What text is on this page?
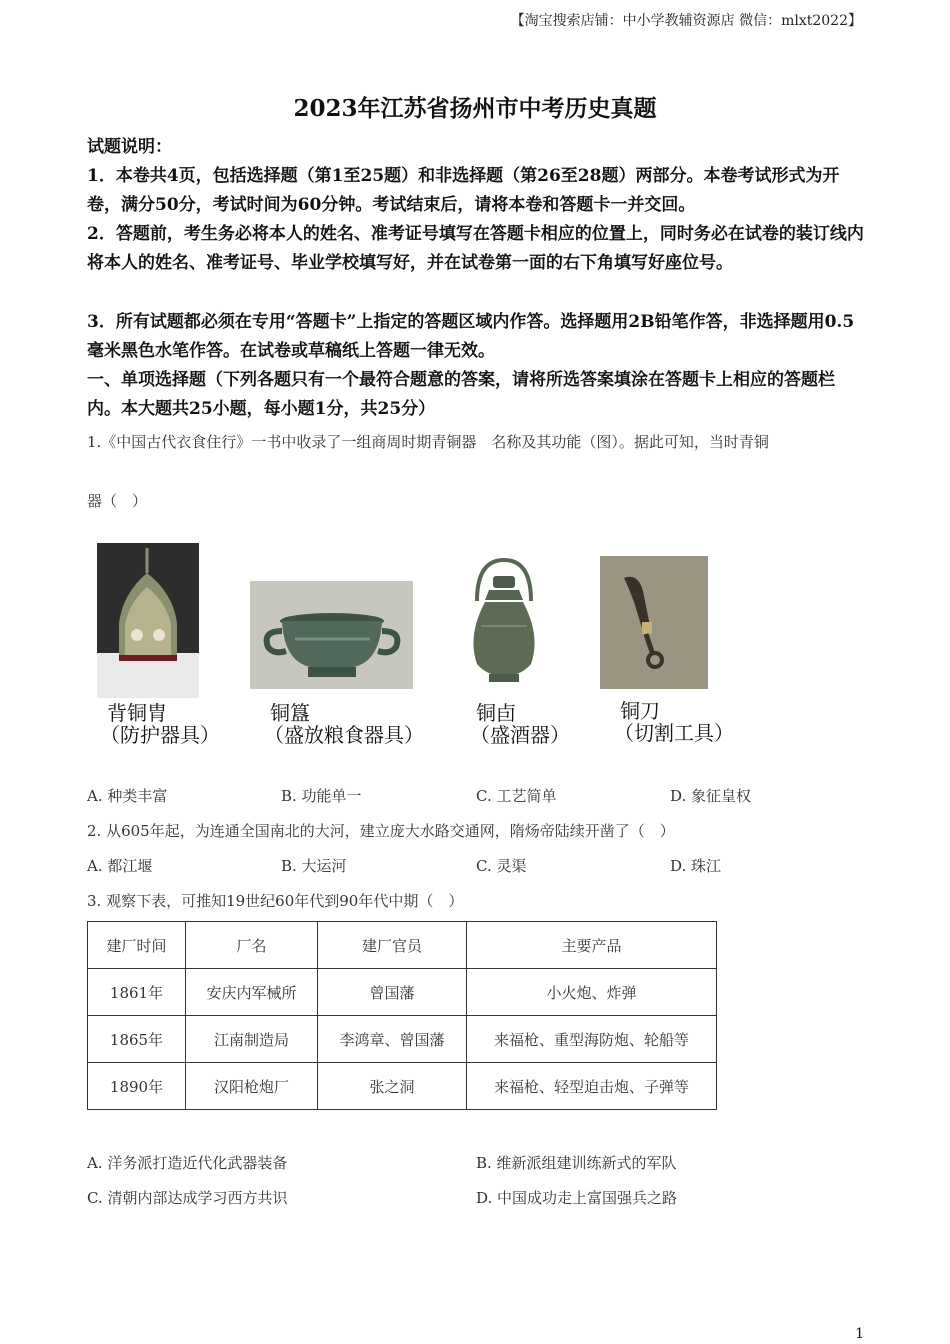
【淘宝搜索店铺：中小学教辅资源店 微信：mlxt2022】
2023年江苏省扬州市中考历史真题
试题说明：
1．本卷共4页，包括选择题（第1至25题）和非选择题（第26至28题）两部分。本卷考试形式为开卷，满分50分，考试时间为60分钟。考试结束后，请将本卷和答题卡一并交回。
2．答题前，考生务必将本人的姓名、准考证号填写在答题卡相应的位置上，同时务必在试卷的装订线内将本人的姓名、准考证号、毕业学校填写好，并在试卷第一面的右下角填写好座位号。
3．所有试题都必须在专用“答题卡”上指定的答题区域内作答。选择题用2B铅笔作答，非选择题用0.5毫米黑色水笔作答。在试卷或草稿纸上答题一律无效。
一、单项选择题（下列各题只有一个最符合题意的答案，请将所选答案填涂在答题卡上相应的答题栏内。本大题共25小题，每小题1分，共25分）
1.《中国古代衣食住行》一书中收录了一组商周时期青铜器　名称及其功能（图）。据此可知，当时青铜
器（　）
背铜胄
（防护器具）
铜簋
（盛放粮食器具）
铜卣
（盛酒器）
铜刀
（切割工具）
A. 种类丰富	B. 功能单一	C. 工艺简单	D. 象征皇权
2. 从605年起，为连通全国南北的大河，建立庞大水路交通网，隋炀帝陆续开凿了（　）
A. 都江堰	B. 大运河	C. 灵渠	D. 珠江
3. 观察下表，可推知19世纪60年代到90年代中期（　）
建厂时间	厂名	建厂官员	主要产品
1861年	安庆内军械所	曾国藩	小火炮、炸弹
1865年	江南制造局	李鸿章、曾国藩	来福枪、重型海防炮、轮船等
1890年	汉阳枪炮厂	张之洞	来福枪、轻型迫击炮、子弹等
A. 洋务派打造近代化武器装备	B. 维新派组建训练新式的军队
C. 清朝内部达成学习西方共识	D. 中国成功走上富国强兵之路
1
